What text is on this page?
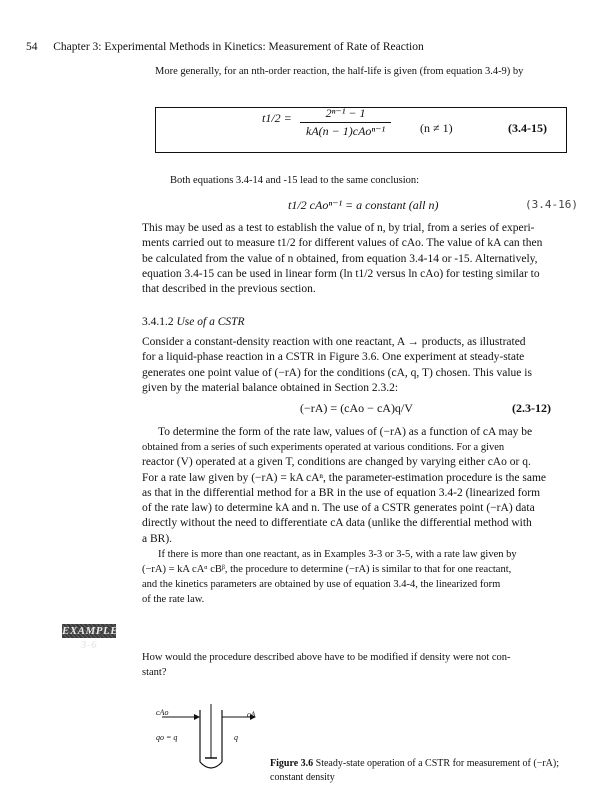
54 Chapter 3: Experimental Methods in Kinetics: Measurement of Rate of Reaction
More generally, for an nth-order reaction, the half-life is given (from equation 3.4-9) by
$t1/2 = \frac{\text{2ⁿ⁻¹ − 1}}{\text{kA(n − 1)cAoⁿ⁻¹}} (n \ne 1)$	(3.4-15)
Both equations 3.4-14 and -15 lead to the same conclusion:
t1/2 cAoⁿ⁻¹ = a constant (all n)	(3.4-16)
This may be used as a test to establish the value of n, by trial, from a series of experi-
ments carried out to measure t1/2 for different values of cAo. The value of kA can then
be calculated from the value of n obtained, from equation 3.4-14 or -15. Alternatively,
equation 3.4-15 can be used in linear form (ln t1/2 versus ln cAo) for testing similar to
that described in the previous section.
3.4.1.2 Use of a CSTR
Consider a constant-density reaction with one reactant, A → products, as illustrated
for a liquid-phase reaction in a CSTR in Figure 3.6. One experiment at steady-state
generates one point value of (−rA) for the conditions (cA, q, T) chosen. This value is
given by the material balance obtained in Section 2.3.2:
(−rA) = (cAo − cA)q/V	(2.3-12)
To determine the form of the rate law, values of (−rA) as a function of cA may be
obtained from a series of such experiments operated at various conditions. For a given
reactor (V) operated at a given T, conditions are changed by varying either cAo or q.
For a rate law given by (−rA) = kA cAⁿ, the parameter-estimation procedure is the same
as that in the differential method for a BR in the use of equation 3.4-2 (linearized form
of the rate law) to determine kA and n. The use of a CSTR generates point (−rA) data
directly without the need to differentiate cA data (unlike the differential method with
a BR).
If there is more than one reactant, as in Examples 3-3 or 3-5, with a rate law given by
(−rA) = kA cAᵅ cBᵝ, the procedure to determine (−rA) is similar to that for one reactant,
and the kinetics parameters are obtained by use of equation 3.4-4, the linearized form
of the rate law.
EXAMPLE 3-6
How would the procedure described above have to be modified if density were not con-
stant?
cAo
qo = q
cA
q
Figure 3.6 Steady-state operation of a CSTR for measurement of (−rA);
constant density
